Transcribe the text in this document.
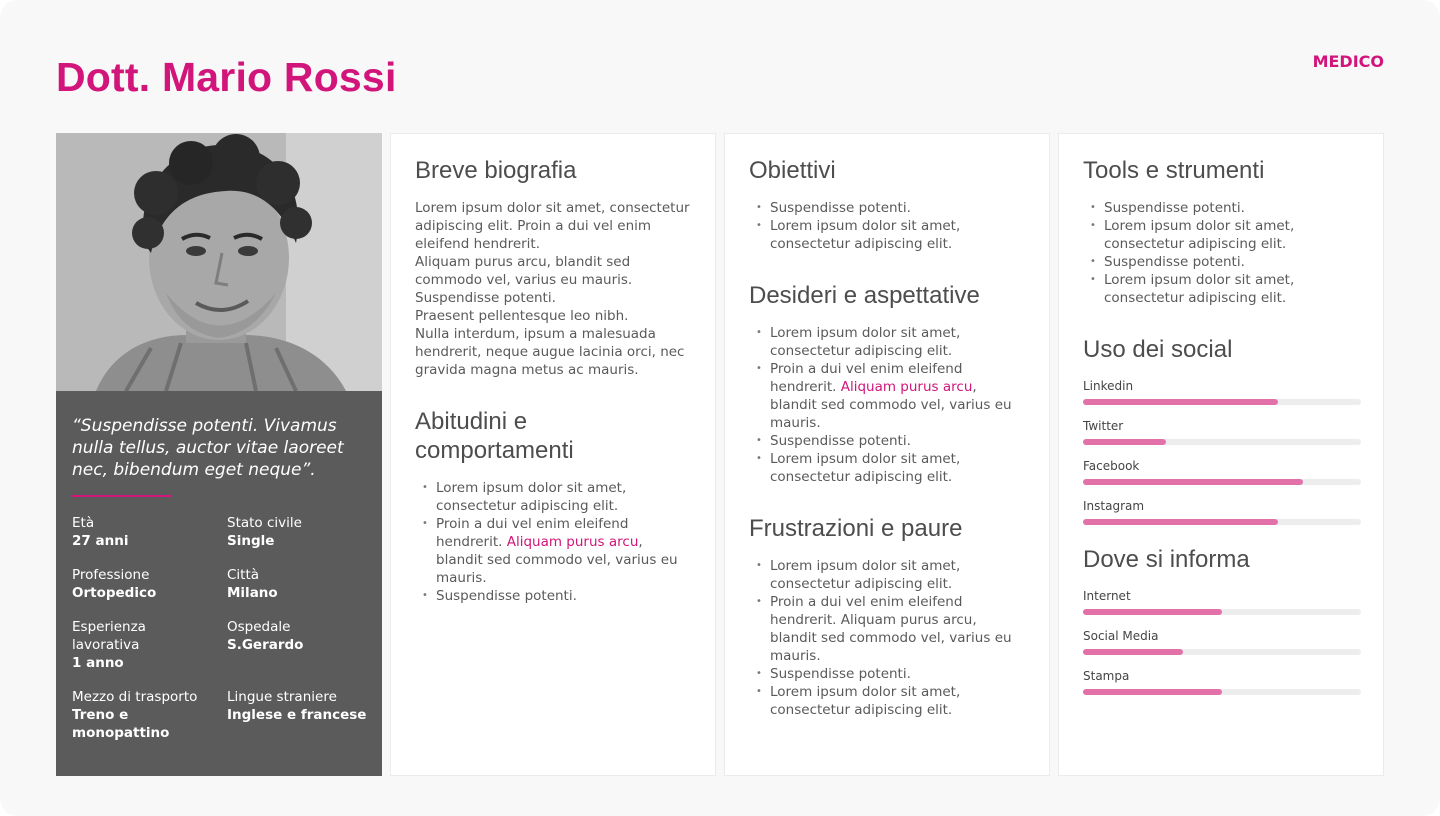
Dott. Mario Rossi	MEDICO
“Suspendisse potenti. Vivamus nulla tellus, auctor vitae laoreet nec, bibendum eget neque”.
Età
27 anni
Stato civile
Single
Professione
Ortopedico
Città
Milano
Esperienza lavorativa
1 anno
Ospedale
S.Gerardo
Mezzo di trasporto
Treno e monopattino
Lingue straniere
Inglese e francese
Breve biografia

Lorem ipsum dolor sit amet, consectetur adipiscing elit. Proin a dui vel enim eleifend hendrerit.

Aliquam purus arcu, blandit sed commodo vel, varius eu mauris.

Suspendisse potenti.

Praesent pellentesque leo nibh.

Nulla interdum, ipsum a malesuada hendrerit, neque augue lacinia orci, nec gravida magna metus ac mauris.

Abitudini e comportamenti
• Lorem ipsum dolor sit amet, consectetur adipiscing elit.
• Proin a dui vel enim eleifend hendrerit. Aliquam purus arcu, blandit sed commodo vel, varius eu mauris.
• Suspendisse potenti.
Obiettivi
• Suspendisse potenti.
• Lorem ipsum dolor sit amet, consectetur adipiscing elit.
Desideri e aspettative
• Lorem ipsum dolor sit amet, consectetur adipiscing elit.
• Proin a dui vel enim eleifend hendrerit. Aliquam purus arcu, blandit sed commodo vel, varius eu mauris.
• Suspendisse potenti.
• Lorem ipsum dolor sit amet, consectetur adipiscing elit.
Frustrazioni e paure
• Lorem ipsum dolor sit amet, consectetur adipiscing elit.
• Proin a dui vel enim eleifend hendrerit. Aliquam purus arcu, blandit sed commodo vel, varius eu mauris.
• Suspendisse potenti.
• Lorem ipsum dolor sit amet, consectetur adipiscing elit.
Tools e strumenti
• Suspendisse potenti.
• Lorem ipsum dolor sit amet, consectetur adipiscing elit.
• Suspendisse potenti.
• Lorem ipsum dolor sit amet, consectetur adipiscing elit.
Uso dei social
Linkedin
Twitter
Facebook
Instagram
Dove si informa
Internet
Social Media
Stampa
